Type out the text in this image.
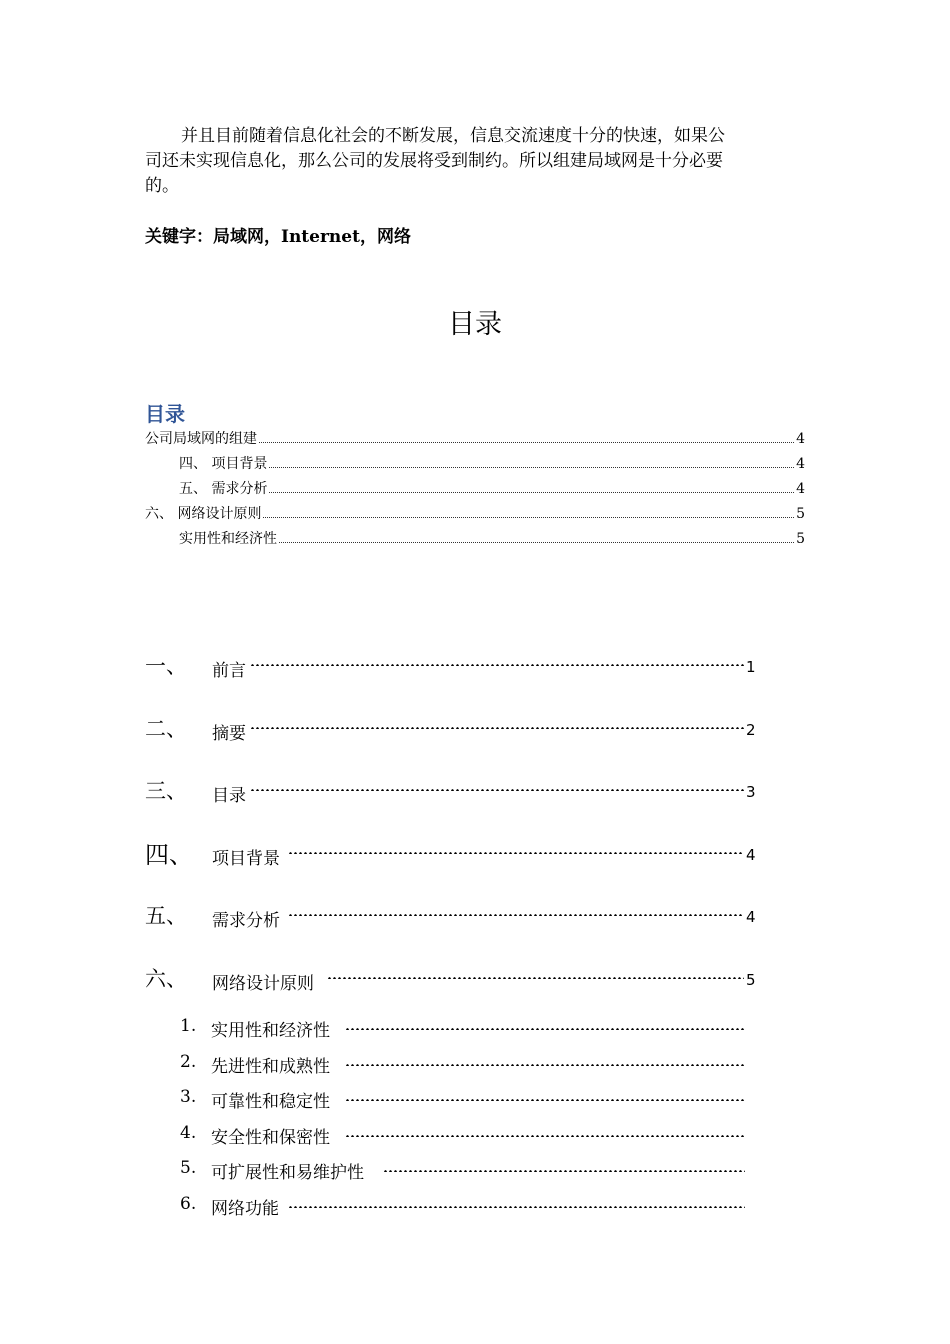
并且目前随着信息化社会的不断发展，信息交流速度十分的快速，如果公
司还未实现信息化，那么公司的发展将受到制约。所以组建局域网是十分必要
的。

关键字：局域网，Internet，网络
目录
目录
公司局域网的组建	4
四、 项目背景	4
五、 需求分析	4
六、 网络设计原则	5
实用性和经济性	5
一、 前言	1
二、 摘要	2
三、 目录	3
四、 项目背景	4
五、 需求分析	4
六、 网络设计原则	5
1. 实用性和经济性
2. 先进性和成熟性
3. 可靠性和稳定性
4. 安全性和保密性
5. 可扩展性和易维护性
6. 网络功能
